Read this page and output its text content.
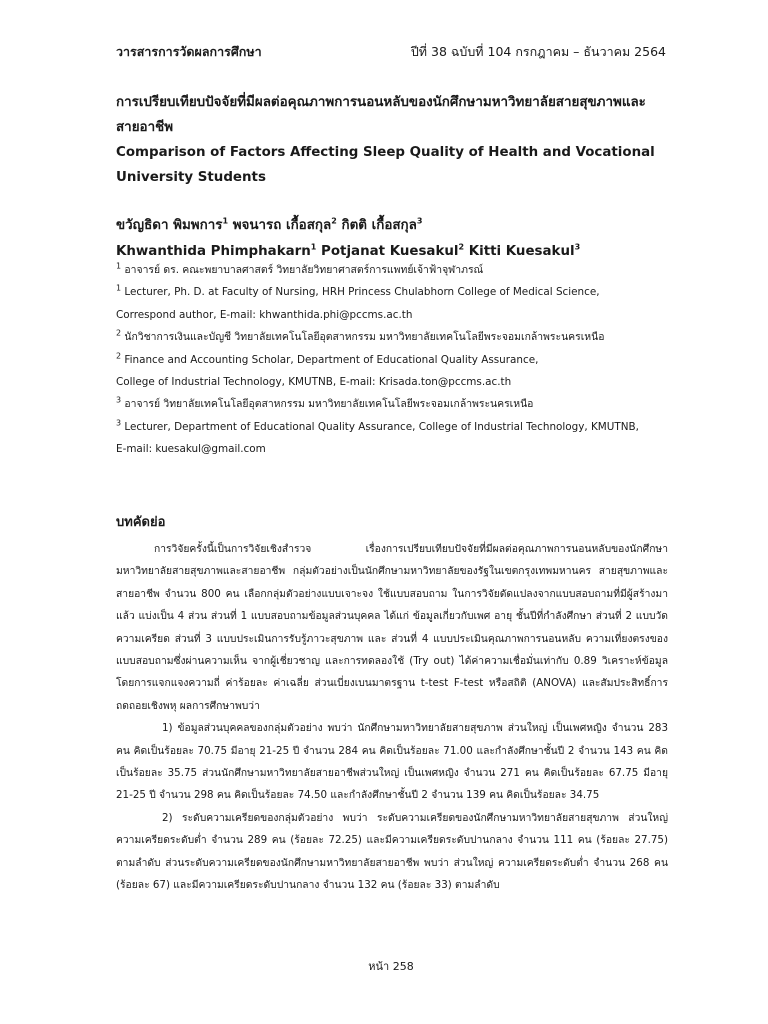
วารสารการวัดผลการศึกษา	ปีที่ 38 ฉบับที่ 104 กรกฎาคม – ธันวาคม 2564
การเปรียบเทียบปัจจัยที่มีผลต่อคุณภาพการนอนหลับของนักศึกษามหาวิทยาลัยสายสุขภาพและสายอาชีพ
Comparison of Factors Affecting Sleep Quality of Health and Vocational University Students
ขวัญธิดา พิมพการ$^1$ พจนารถ เกื้อสกุล$^2$ กิตติ เกื้อสกุล$^3$
Khwanthida Phimphakarn$^1$ Potjanat Kuesakul$^2$ Kitti Kuesakul$^3$
$^1$ อาจารย์ ดร. คณะพยาบาลศาสตร์ วิทยาลัยวิทยาศาสตร์การแพทย์เจ้าฟ้าจุฬาภรณ์
$^1$ Lecturer, Ph. D. at Faculty of Nursing, HRH Princess Chulabhorn College of Medical Science,
Correspond author, E-mail: khwanthida.phi@pccms.ac.th
$^2$ นักวิชาการเงินและบัญชี วิทยาลัยเทคโนโลยีอุตสาหกรรม มหาวิทยาลัยเทคโนโลยีพระจอมเกล้าพระนครเหนือ
$^2$ Finance and Accounting Scholar, Department of Educational Quality Assurance,
College of Industrial Technology, KMUTNB, E-mail: Krisada.ton@pccms.ac.th
$^3$ อาจารย์ วิทยาลัยเทคโนโลยีอุตสาหกรรม มหาวิทยาลัยเทคโนโลยีพระจอมเกล้าพระนครเหนือ
$^3$ Lecturer, Department of Educational Quality Assurance, College of Industrial Technology, KMUTNB,
E-mail: kuesakul@gmail.com
บทคัดย่อ

การวิจัยครั้งนี้เป็นการวิจัยเชิงสำรวจ เรื่องการเปรียบเทียบปัจจัยที่มีผลต่อคุณภาพการนอนหลับของนักศึกษามหาวิทยาลัยสายสุขภาพและสายอาชีพ กลุ่มตัวอย่างเป็นนักศึกษามหาวิทยาลัยของรัฐในเขตกรุงเทพมหานคร สายสุขภาพและสายอาชีพ จำนวน 800 คน เลือกกลุ่มตัวอย่างแบบเจาะจง ใช้แบบสอบถาม ในการวิจัยดัดแปลงจากแบบสอบถามที่มีผู้สร้างมาแล้ว แบ่งเป็น 4 ส่วน ส่วนที่ 1 แบบสอบถามข้อมูลส่วนบุคคล ได้แก่ ข้อมูลเกี่ยวกับเพศ อายุ ชั้นปีที่กำลังศึกษา ส่วนที่ 2 แบบวัดความเครียด ส่วนที่ 3 แบบประเมินการรับรู้ภาวะสุขภาพ และ ส่วนที่ 4 แบบประเมินคุณภาพการนอนหลับ ความเที่ยงตรงของแบบสอบถามซึ่งผ่านความเห็น จากผู้เชี่ยวชาญ และการทดลองใช้ (Try out) ได้ค่าความเชื่อมั่นเท่ากับ 0.89 วิเคราะห์ข้อมูลโดยการแจกแจงความถี่ ค่าร้อยละ ค่าเฉลี่ย ส่วนเบี่ยงเบนมาตรฐาน t-test F-test หรือสถิติ (ANOVA) และสัมประสิทธิ์การถดถอยเชิงพหุ ผลการศึกษาพบว่า

1) ข้อมูลส่วนบุคคลของกลุ่มตัวอย่าง พบว่า นักศึกษามหาวิทยาลัยสายสุขภาพ ส่วนใหญ่ เป็นเพศหญิง จำนวน 283 คน คิดเป็นร้อยละ 70.75 มีอายุ 21-25 ปี จำนวน 284 คน คิดเป็นร้อยละ 71.00 และกำลังศึกษาชั้นปี 2 จำนวน 143 คน คิดเป็นร้อยละ 35.75 ส่วนนักศึกษามหาวิทยาลัยสายอาชีพส่วนใหญ่ เป็นเพศหญิง จำนวน 271 คน คิดเป็นร้อยละ 67.75 มีอายุ 21-25 ปี จำนวน 298 คน คิดเป็นร้อยละ 74.50 และกำลังศึกษาชั้นปี 2 จำนวน 139 คน คิดเป็นร้อยละ 34.75

2) ระดับความเครียดของกลุ่มตัวอย่าง พบว่า ระดับความเครียดของนักศึกษามหาวิทยาลัยสายสุขภาพ ส่วนใหญ่ ความเครียดระดับต่ำ จำนวน 289 คน (ร้อยละ 72.25) และมีความเครียดระดับปานกลาง จำนวน 111 คน (ร้อยละ 27.75) ตามลำดับ ส่วนระดับความเครียดของนักศึกษามหาวิทยาลัยสายอาชีพ พบว่า ส่วนใหญ่ ความเครียดระดับต่ำ จำนวน 268 คน (ร้อยละ 67) และมีความเครียดระดับปานกลาง จำนวน 132 คน (ร้อยละ 33) ตามลำดับ

หน้า 258
